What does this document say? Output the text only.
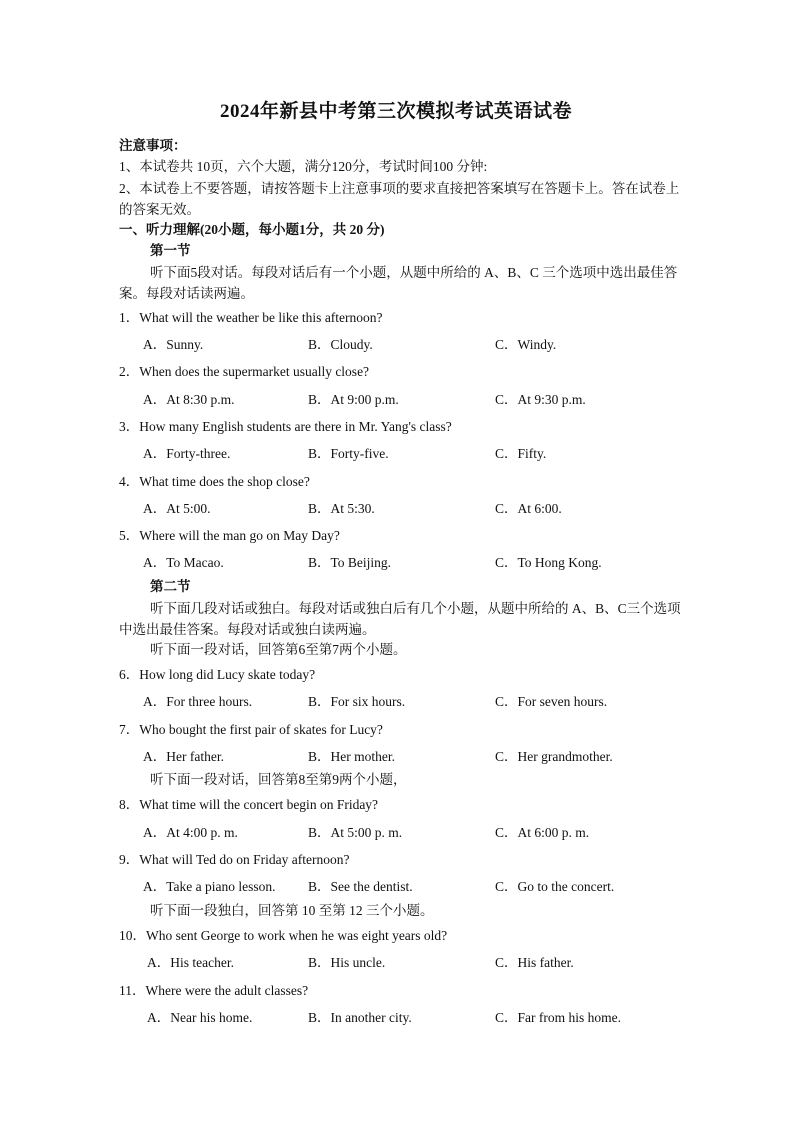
2024年新县中考第三次模拟考试英语试卷
注意事项：
1、本试卷共 10页，六个大题，满分120分，考试时间100 分钟:
2、本试卷上不要答题，请按答题卡上注意事项的要求直接把答案填写在答题卡上。答在试卷上的答案无效。
一、听力理解(20小题，每小题1分，共 20 分)
第一节
听下面5段对话。每段对话后有一个小题，从题中所给的 A、B、C 三个选项中选出最佳答案。每段对话读两遍。
1．What will the weather be like this afternoon?
A．Sunny.	B．Cloudy.	C．Windy.
2．When does the supermarket usually close?
A．At 8:30 p.m.	B．At 9:00 p.m.	C．At 9:30 p.m.
3．How many English students are there in Mr. Yang's class?
A．Forty-three.	B．Forty-five.	C．Fifty.
4．What time does the shop close?
A．At 5:00.	B．At 5:30.	C．At 6:00.
5．Where will the man go on May Day?
A．To Macao.	B．To Beijing.	C．To Hong Kong.
第二节
听下面几段对话或独白。每段对话或独白后有几个小题，从题中所给的 A、B、C三个选项中选出最佳答案。每段对话或独白读两遍。
听下面一段对话，回答第6至第7两个小题。
6．How long did Lucy skate today?
A．For three hours.	B．For six hours.	C．For seven hours.
7．Who bought the first pair of skates for Lucy?
A．Her father.	B．Her mother.	C．Her grandmother.
听下面一段对话，回答第8至第9两个小题，
8．What time will the concert begin on Friday?
A．At 4:00 p. m.	B．At 5:00 p. m.	C．At 6:00 p. m.
9．What will Ted do on Friday afternoon?
A．Take a piano lesson. B．See the dentist.	C．Go to the concert.
听下面一段独白，回答第 10 至第 12 三个小题。
10．Who sent George to work when he was eight years old?
A．His teacher.	B．His uncle.	C．His father.
11．Where were the adult classes?
A．Near his home.	B．In another city.	C．Far from his home.
